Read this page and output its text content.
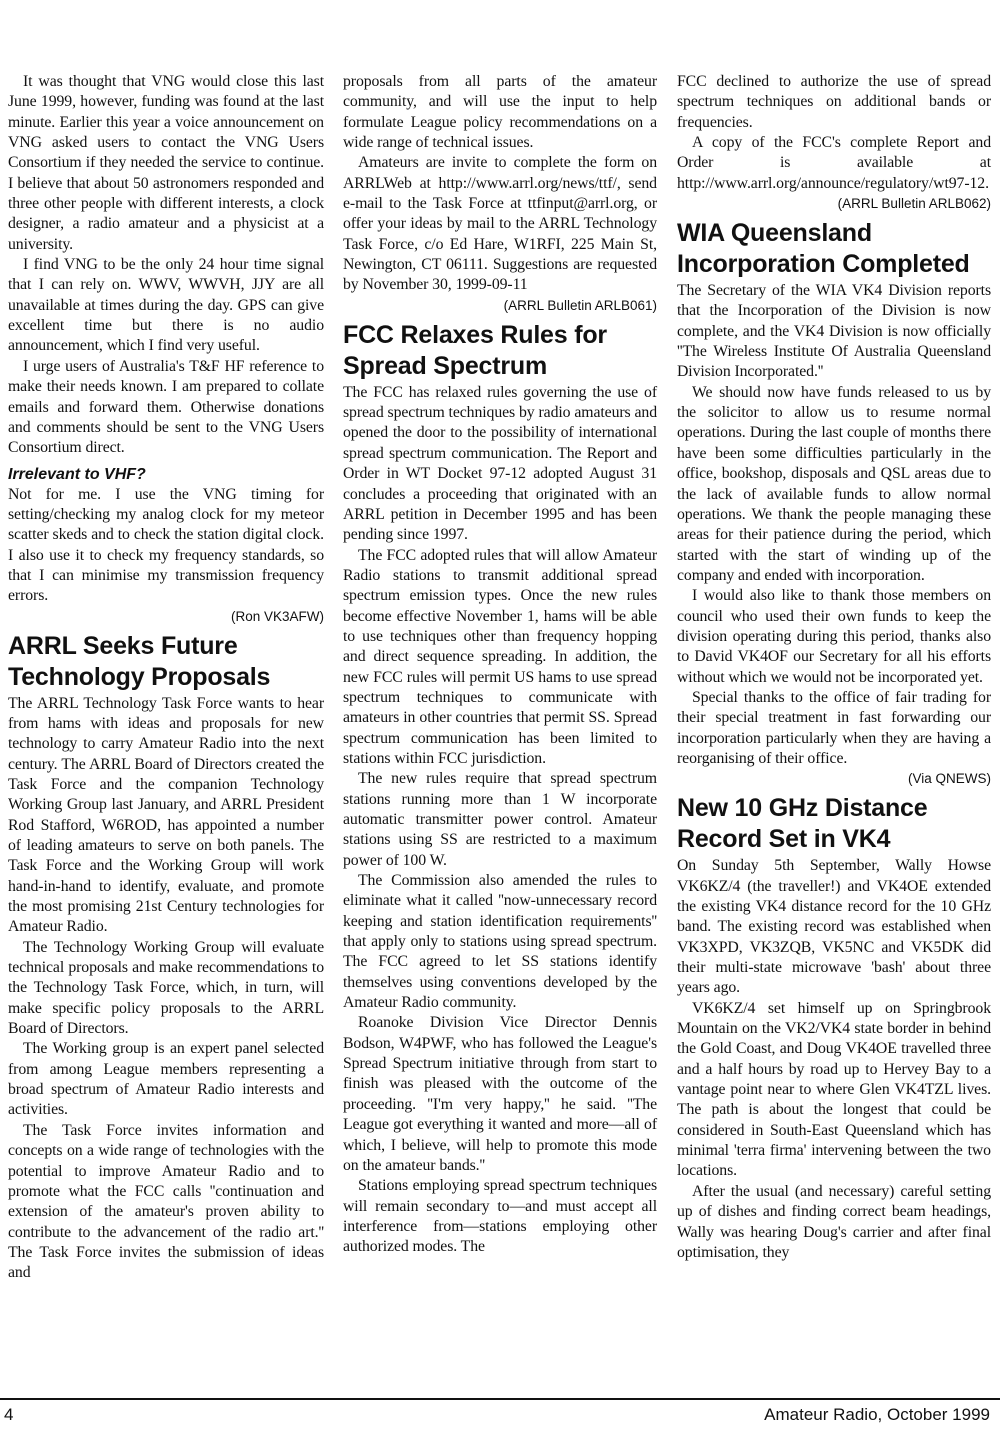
It was thought that VNG would close this last June 1999, however, funding was found at the last minute. Earlier this year a voice announcement on VNG asked users to contact the VNG Users Consortium if they needed the service to continue. I believe that about 50 astronomers responded and three other people with different interests, a clock designer, a radio amateur and a physicist at a university.

I find VNG to be the only 24 hour time signal that I can rely on. WWV, WWVH, JJY are all unavailable at times during the day. GPS can give excellent time but there is no audio announcement, which I find very useful.

I urge users of Australia's T&F HF reference to make their needs known. I am prepared to collate emails and forward them. Otherwise donations and comments should be sent to the VNG Users Consortium direct.

Irrelevant to VHF?

Not for me. I use the VNG timing for setting/checking my analog clock for my meteor scatter skeds and to check the station digital clock. I also use it to check my frequency standards, so that I can minimise my transmission frequency errors.

(Ron VK3AFW)

ARRL Seeks Future Technology Proposals

The ARRL Technology Task Force wants to hear from hams with ideas and proposals for new technology to carry Amateur Radio into the next century. The ARRL Board of Directors created the Task Force and the companion Technology Working Group last January, and ARRL President Rod Stafford, W6ROD, has appointed a number of leading amateurs to serve on both panels. The Task Force and the Working Group will work hand-in-hand to identify, evaluate, and promote the most promising 21st Century technologies for Amateur Radio.

The Technology Working Group will evaluate technical proposals and make recommendations to the Technology Task Force, which, in turn, will make specific policy proposals to the ARRL Board of Directors.

The Working group is an expert panel selected from among League members representing a broad spectrum of Amateur Radio interests and activities.

The Task Force invites information and concepts on a wide range of technologies with the potential to improve Amateur Radio and to promote what the FCC calls ''continuation and extension of the amateur's proven ability to contribute to the advancement of the radio art.'' The Task Force invites the submission of ideas and

proposals from all parts of the amateur community, and will use the input to help formulate League policy recommendations on a wide range of technical issues.

Amateurs are invite to complete the form on ARRLWeb at http://www.arrl.org/news/ttf/, send e-mail to the Task Force at ttfinput@arrl.org, or offer your ideas by mail to the ARRL Technology Task Force, c/o Ed Hare, W1RFI, 225 Main St, Newington, CT 06111. Suggestions are requested by November 30, 1999-09-11

(ARRL Bulletin ARLB061)

FCC Relaxes Rules for Spread Spectrum

The FCC has relaxed rules governing the use of spread spectrum techniques by radio amateurs and opened the door to the possibility of international spread spectrum communication. The Report and Order in WT Docket 97-12 adopted August 31 concludes a proceeding that originated with an ARRL petition in December 1995 and has been pending since 1997.

The FCC adopted rules that will allow Amateur Radio stations to transmit additional spread spectrum emission types. Once the new rules become effective November 1, hams will be able to use techniques other than frequency hopping and direct sequence spreading. In addition, the new FCC rules will permit US hams to use spread spectrum techniques to communicate with amateurs in other countries that permit SS. Spread spectrum communication has been limited to stations within FCC jurisdiction.

The new rules require that spread spectrum stations running more than 1 W incorporate automatic transmitter power control. Amateur stations using SS are restricted to a maximum power of 100 W.

The Commission also amended the rules to eliminate what it called ''now-unnecessary record keeping and station identification requirements'' that apply only to stations using spread spectrum. The FCC agreed to let SS stations identify themselves using conventions developed by the Amateur Radio community.

Roanoke Division Vice Director Dennis Bodson, W4PWF, who has followed the League's Spread Spectrum initiative through from start to finish was pleased with the outcome of the proceeding. ''I'm very happy,'' he said. ''The League got everything it wanted and more—all of which, I believe, will help to promote this mode on the amateur bands.''

Stations employing spread spectrum techniques will remain secondary to—and must accept all interference from—stations employing other authorized modes. The

FCC declined to authorize the use of spread spectrum techniques on additional bands or frequencies.

A copy of the FCC's complete Report and Order is available at http://www.arrl.org/announce/regulatory/wt97-12.

(ARRL Bulletin ARLB062)

WIA Queensland Incorporation Completed

The Secretary of the WIA VK4 Division reports that the Incorporation of the Division is now complete, and the VK4 Division is now officially ''The Wireless Institute Of Australia Queensland Division Incorporated.''

We should now have funds released to us by the solicitor to allow us to resume normal operations. During the last couple of months there have been some difficulties particularly in the office, bookshop, disposals and QSL areas due to the lack of available funds to allow normal operations. We thank the people managing these areas for their patience during the period, which started with the start of winding up of the company and ended with incorporation.

I would also like to thank those members on council who used their own funds to keep the division operating during this period, thanks also to David VK4OF our Secretary for all his efforts without which we would not be incorporated yet.

Special thanks to the office of fair trading for their special treatment in fast forwarding our incorporation particularly when they are having a reorganising of their office.

(Via QNEWS)

New 10 GHz Distance Record Set in VK4

On Sunday 5th September, Wally Howse VK6KZ/4 (the traveller!) and VK4OE extended the existing VK4 distance record for the 10 GHz band. The existing record was established when VK3XPD, VK3ZQB, VK5NC and VK5DK did their multi-state microwave 'bash' about three years ago.

VK6KZ/4 set himself up on Springbrook Mountain on the VK2/VK4 state border in behind the Gold Coast, and Doug VK4OE travelled three and a half hours by road up to Hervey Bay to a vantage point near to where Glen VK4TZL lives. The path is about the longest that could be considered in South-East Queensland which has minimal 'terra firma' intervening between the two locations.

After the usual (and necessary) careful setting up of dishes and finding correct beam headings, Wally was hearing Doug's carrier and after final optimisation, they

4	Amateur Radio, October 1999
